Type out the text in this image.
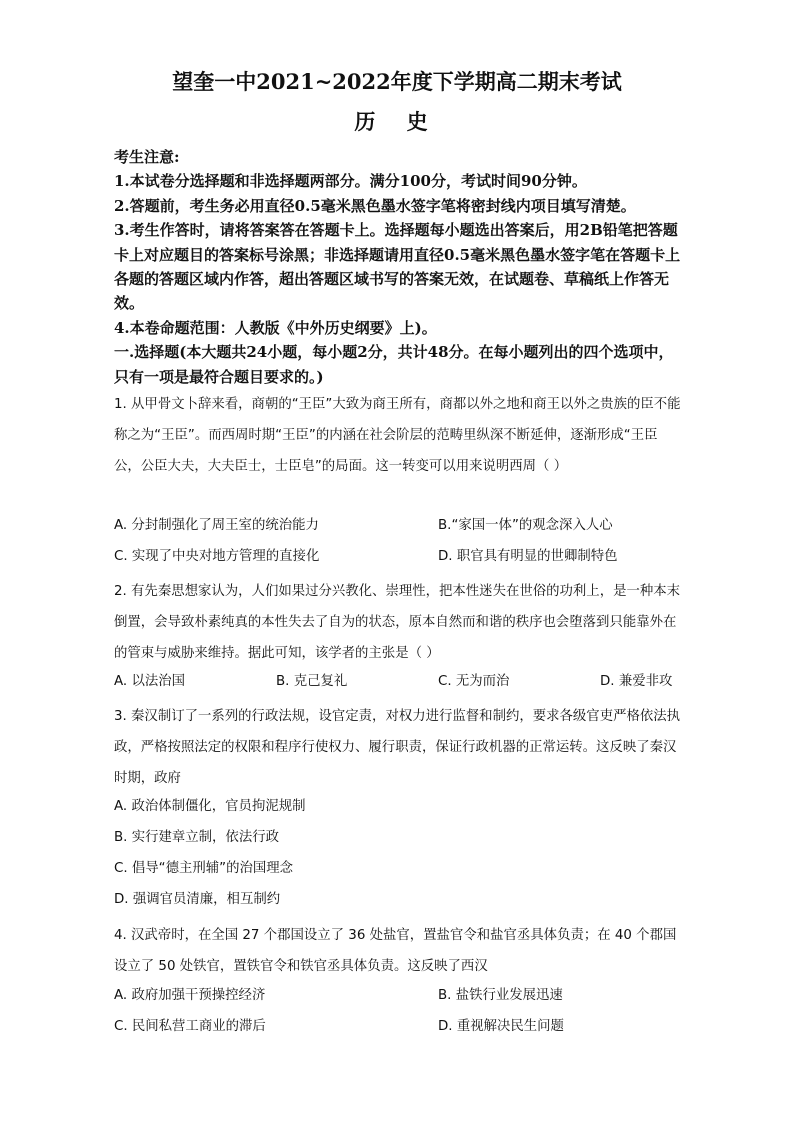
望奎一中2021~2022年度下学期高二期末考试
历 史

考生注意:

1.本试卷分选择题和非选择题两部分。满分100分，考试时间90分钟。

2.答题前，考生务必用直径0.5毫米黑色墨水签字笔将密封线内项目填写清楚。

3.考生作答时，请将答案答在答题卡上。选择题每小题选出答案后，用2B铅笔把答题卡上对应题目的答案标号涂黑；非选择题请用直径0.5毫米黑色墨水签字笔在答题卡上各题的答题区域内作答，超出答题区域书写的答案无效，在试题卷、草稿纸上作答无效。

4.本卷命题范围：人教版《中外历史纲要》上)。

一.选择题(本大题共24小题，每小题2分，共计48分。在每小题列出的四个选项中，只有一项是最符合题目要求的。)

1. 从甲骨文卜辞来看，商朝的“王臣”大致为商王所有，商都以外之地和商王以外之贵族的臣不能称之为“王臣”。而西周时期“王臣”的内涵在社会阶层的范畴里纵深不断延伸，逐渐形成“王臣公，公臣大夫，大夫臣士，士臣皂”的局面。这一转变可以用来说明西周（ ）

A. 分封制强化了周王室的统治能力	B.“家国一体”的观念深入人心
C. 实现了中央对地方管理的直接化	D. 职官具有明显的世卿制特色

2. 有先秦思想家认为，人们如果过分兴教化、崇理性，把本性迷失在世俗的功利上，是一种本末倒置，会导致朴素纯真的本性失去了自为的状态，原本自然而和谐的秩序也会堕落到只能靠外在的管束与威胁来维持。据此可知，该学者的主张是（ ）

A. 以法治国	B. 克己复礼	C. 无为而治	D. 兼爱非攻

3. 秦汉制订了一系列的行政法规，设官定责，对权力进行监督和制约，要求各级官吏严格依法执政，严格按照法定的权限和程序行使权力、履行职责，保证行政机器的正常运转。这反映了秦汉时期，政府

A. 政治体制僵化，官员拘泥规制
B. 实行建章立制，依法行政
C. 倡导“德主刑辅”的治国理念
D. 强调官员清廉，相互制约

4. 汉武帝时，在全国 27 个郡国设立了 36 处盐官，置盐官令和盐官丞具体负责；在 40 个郡国设立了 50 处铁官，置铁官令和铁官丞具体负责。这反映了西汉

A. 政府加强干预操控经济	B. 盐铁行业发展迅速
C. 民间私营工商业的滞后	D. 重视解决民生问题
